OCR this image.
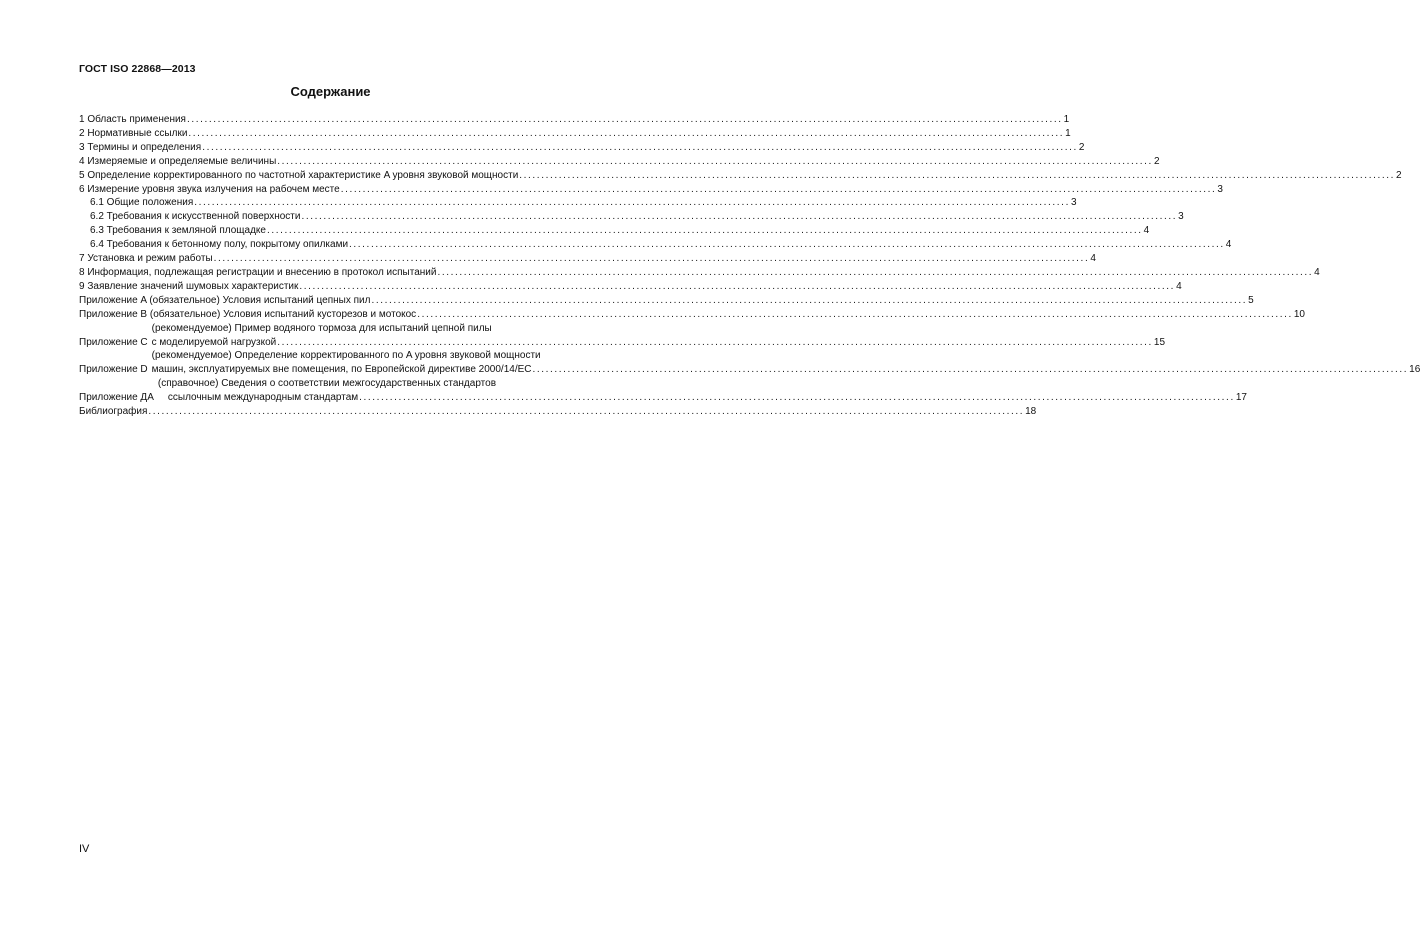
ГОСТ ISO 22868—2013
Содержание
1 Область применения ........................................................................................................................................................................................................ 1
2 Нормативные ссылки ........................................................................................................................................................................................................ 1
3 Термины и определения ........................................................................................................................................................................................................ 2
4 Измеряемые и определяемые величины ........................................................................................................................................................................................................ 2
5 Определение корректированного по частотной характеристике A уровня звуковой мощности ........................................................................................................................................................................................................ 2
6 Измерение уровня звука излучения на рабочем месте ........................................................................................................................................................................................................ 3
6.1 Общие положения ........................................................................................................................................................................................................ 3
6.2 Требования к искусственной поверхности ........................................................................................................................................................................................................ 3
6.3 Требования к земляной площадке ........................................................................................................................................................................................................ 4
6.4 Требования к бетонному полу, покрытому опилками ........................................................................................................................................................................................................ 4
7 Установка и режим работы ........................................................................................................................................................................................................ 4
8 Информация, подлежащая регистрации и внесению в протокол испытаний ........................................................................................................................................................................................................ 4
9 Заявление значений шумовых характеристик ........................................................................................................................................................................................................ 4
Приложение A (обязательное) Условия испытаний цепных пил ........................................................................................................................................................................................................ 5
Приложение B (обязательное) Условия испытаний кусторезов и мотокос ........................................................................................................................................................................................................ 10
Приложение C
(рекомендуемое) Пример водяного тормоза для испытаний цепной пилы
с моделируемой нагрузкой ........................................................................................................................................................................................................ 15
Приложение D
(рекомендуемое) Определение корректированного по A уровня звуковой мощности
машин, эксплуатируемых вне помещения, по Европейской директиве 2000/14/ЕС ........................................................................................................................................................................................................ 16
Приложение ДА
(справочное) Сведения о соответствии межгосударственных стандартов
ссылочным международным стандартам ........................................................................................................................................................................................................ 17
Библиография ........................................................................................................................................................................................................ 18
IV
